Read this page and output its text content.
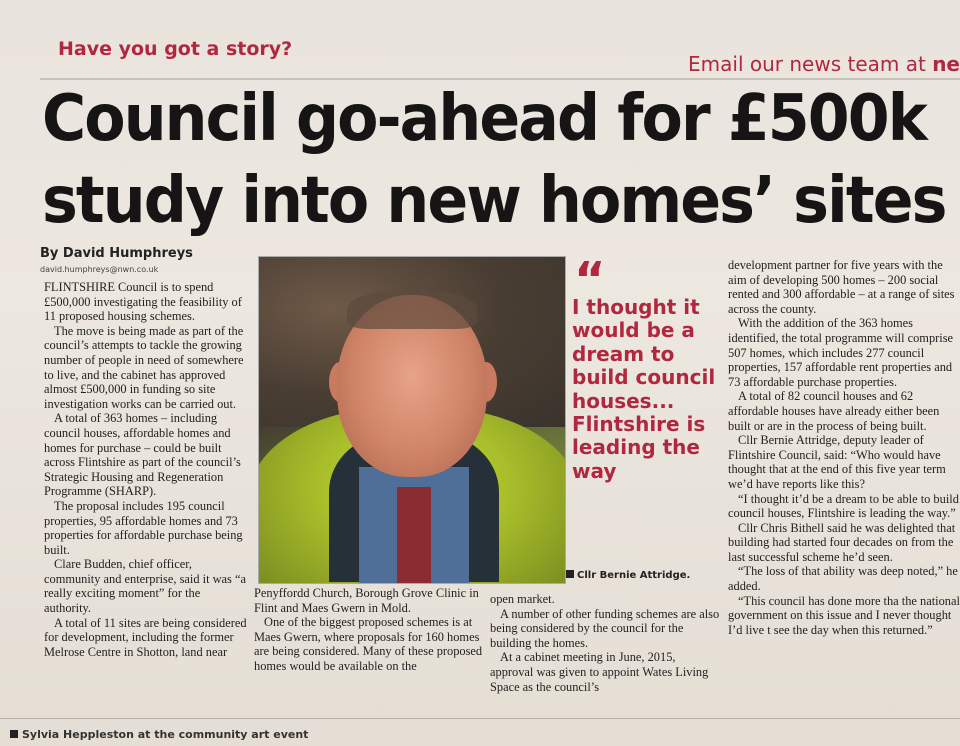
Have you got a story?
Email our news team at ne
Council go-ahead for £500k
study into new homes’ sites
By David Humphreys
david.humphreys@nwn.co.uk

FLINTSHIRE Council is to spend £500,000 investigating the feasibility of 11 proposed housing schemes.

The move is being made as part of the council’s attempts to tackle the growing number of people in need of somewhere to live, and the cabinet has approved almost £500,000 in funding so site investigation works can be carried out.

A total of 363 homes – including council houses, affordable homes and homes for purchase – could be built across Flintshire as part of the council’s Strategic Housing and Regeneration Programme (SHARP).

The proposal includes 195 council properties, 95 affordable homes and 73 properties for affordable purchase being built.

Clare Budden, chief officer, community and enterprise, said it was “a really exciting moment” for the authority.

A total of 11 sites are being considered for development, including the former Melrose Centre in Shotton, land near

“
I thought it would be a dream to build council houses... Flintshire is leading the way
Cllr Bernie Attridge.

Penyffordd Church, Borough Grove Clinic in Flint and Maes Gwern in Mold.

One of the biggest proposed schemes is at Maes Gwern, where proposals for 160 homes are being considered. Many of these proposed homes would be available on the

open market.

A number of other funding schemes are also being considered by the council for the building the homes.

At a cabinet meeting in June, 2015, approval was given to appoint Wates Living Space as the council’s

development partner for five years with the aim of developing 500 homes – 200 social rented and 300 affordable – at a range of sites across the county.

With the addition of the 363 homes identified, the total programme will comprise 507 homes, which includes 277 council properties, 157 affordable rent properties and 73 affordable purchase properties.

A total of 82 council houses and 62 affordable houses have already either been built or are in the process of being built.

Cllr Bernie Attridge, deputy leader of Flintshire Council, said: “Who would have thought that at the end of this five year term we’d have reports like this?

“I thought it’d be a dream to be able to build council houses, Flintshire is leading the way.”

Cllr Chris Bithell said he was delighted that building had started four decades on from the last successful scheme he’d seen.

“The loss of that ability was deep noted,” he added.

“This council has done more tha the national government on this issue and I never thought I’d live t see the day when this returned.”

Sylvia Heppleston at the community art event
